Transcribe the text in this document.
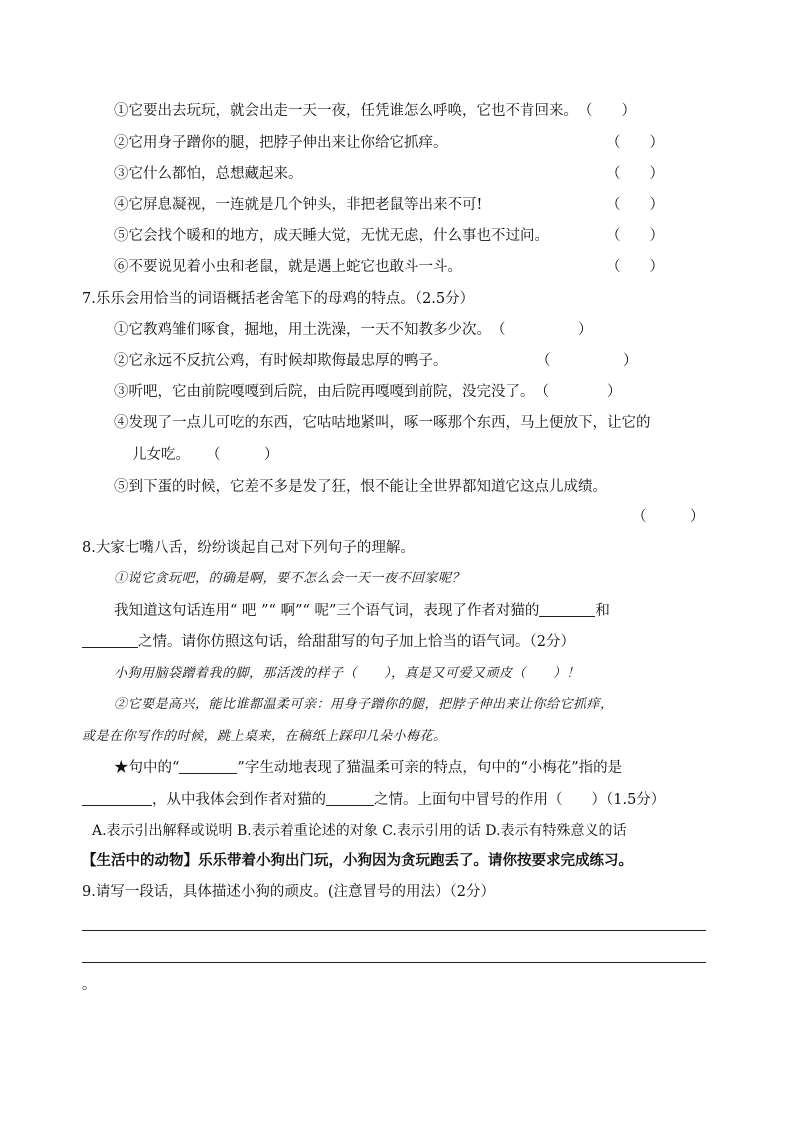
①它要出去玩玩，就会出走一天一夜，任凭谁怎么呼唤，它也不肯回来。（　　）
②它用身子蹭你的腿，把脖子伸出来让你给它抓痒。	（　　）
③它什么都怕，总想藏起来。	（　　）
④它屏息凝视，一连就是几个钟头，非把老鼠等出来不可!	（　　）
⑤它会找个暖和的地方，成天睡大觉，无忧无虑，什么事也不过问。	（　　）
⑥不要说见着小虫和老鼠，就是遇上蛇它也敢斗一斗。	（　　）
7.乐乐会用恰当的词语概括老舍笔下的母鸡的特点。（2.5分）
①它教鸡雏们啄食，掘地，用土洗澡，一天不知教多少次。（　　　　　）
②它永远不反抗公鸡，有时候却欺侮最忠厚的鸭子。	（　　　　　）
③听吧，它由前院嘎嘎到后院，由后院再嘎嘎到前院，没完没了。（　　　　）
④发现了一点儿可吃的东西，它咕咕地紧叫，啄一啄那个东西，马上便放下，让它的
儿女吃。 （　　　）
⑤到下蛋的时候，它差不多是发了狂，恨不能让全世界都知道它这点儿成绩。
（　　　）
8.大家七嘴八舌，纷纷谈起自己对下列句子的理解。
①说它贪玩吧，的确是啊，要不怎么会一天一夜不回家呢？
我知道这句话连用“ 吧 ”“ 啊”“ 呢”三个语气词，表现了作者对猫的	和
之情。请你仿照这句话，给甜甜写的句子加上恰当的语气词。（2分）
小狗用脑袋蹭着我的脚，那活泼的样子（　　），真是又可爱又顽皮（　　）！
②它要是高兴，能比谁都温柔可亲：用身子蹭你的腿，把脖子伸出来让你给它抓痒，
或是在你写作的时候，跳上桌来，在稿纸上踩印几朵小梅花。
★句中的“	”字生动地表现了猫温柔可亲的特点，句中的“小梅花”指的是
，从中我体会到作者对猫的	之情。上面句中冒号的作用（　　）（1.5分）
A.表示引出解释或说明 B.表示着重论述的对象 C.表示引用的话 D.表示有特殊意义的话
【生活中的动物】乐乐带着小狗出门玩，小狗因为贪玩跑丢了。请你按要求完成练习。
9.请写一段话，具体描述小狗的顽皮。(注意冒号的用法）（2分）
。
